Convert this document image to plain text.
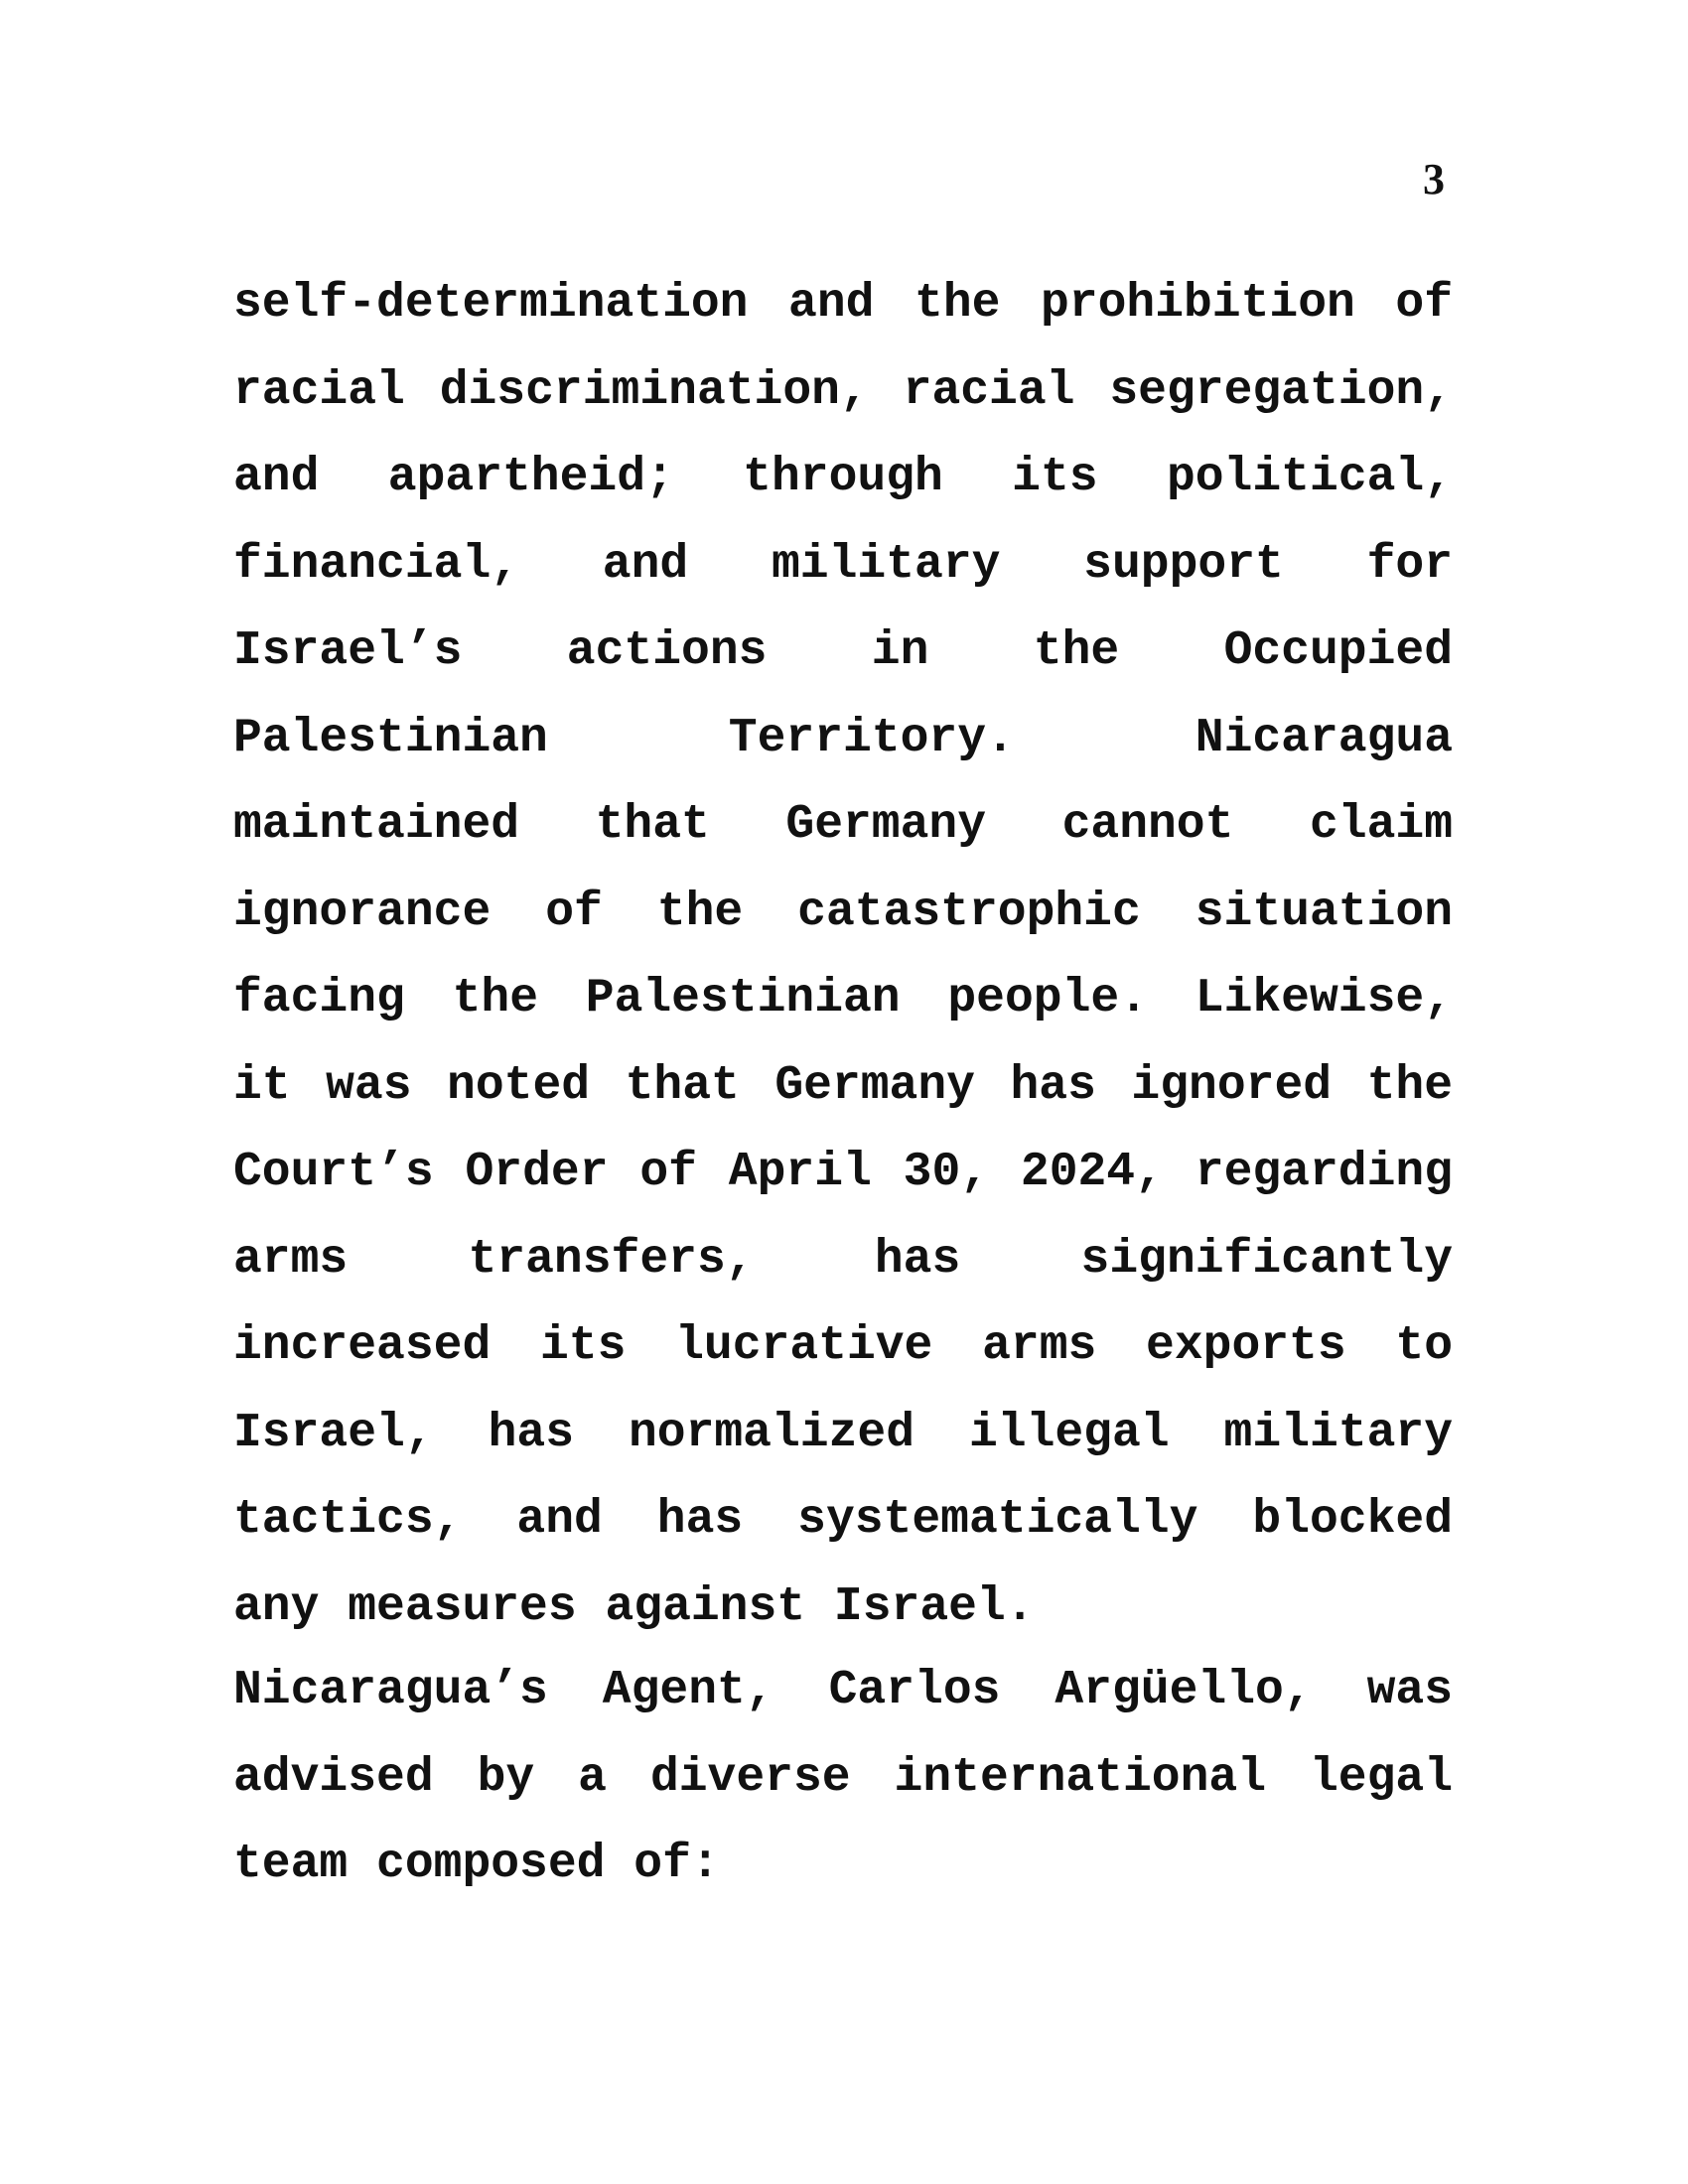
3

self-determination and the prohibition of racial discrimination, racial segregation, and apartheid; through its political, financial, and military support for Israel’s actions in the Occupied Palestinian Territory. Nicaragua maintained that Germany cannot claim ignorance of the catastrophic situation facing the Palestinian people. Likewise, it was noted that Germany has ignored the Court’s Order of April 30, 2024, regarding arms transfers, has significantly increased its lucrative arms exports to Israel, has normalized illegal military tactics, and has systematically blocked any measures against Israel.

Nicaragua’s Agent, Carlos Argüello, was advised by a diverse international legal team composed of:
